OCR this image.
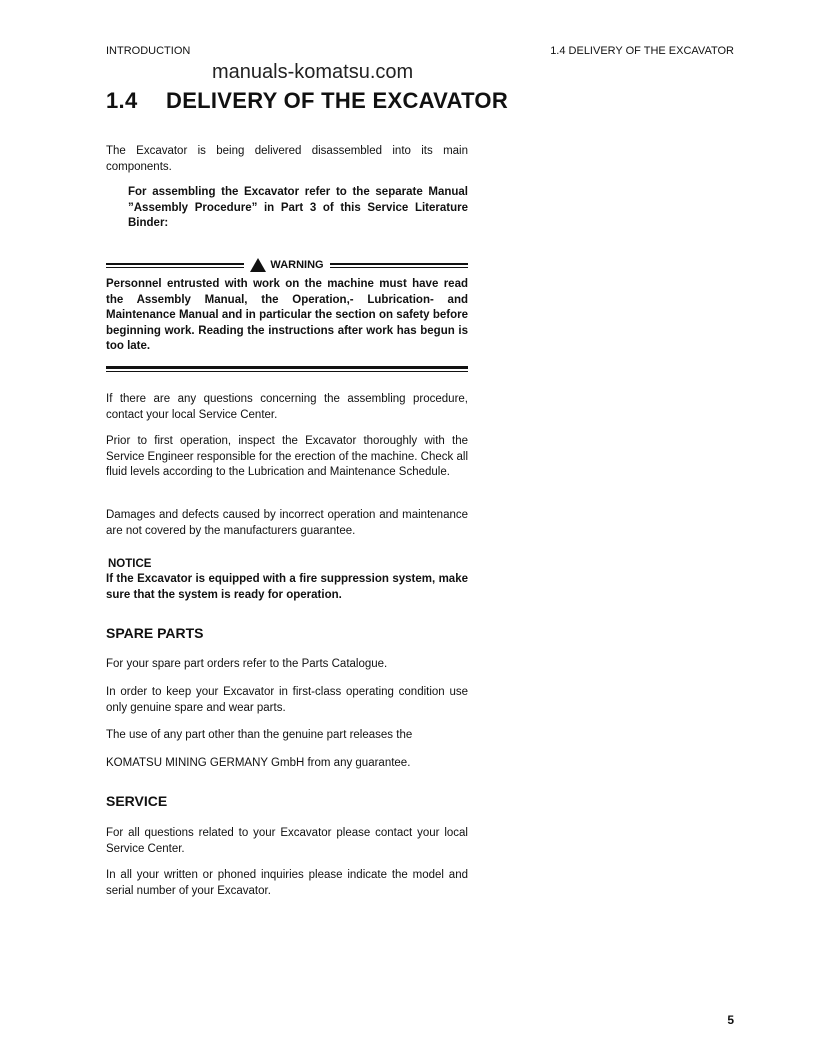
INTRODUCTION	1.4 DELIVERY OF THE EXCAVATOR
manuals-komatsu.com
1.4 DELIVERY OF THE EXCAVATOR
The Excavator is being delivered disassembled into its main components.
For assembling the Excavator refer to the separate Manual ”Assembly Procedure” in Part 3 of this Service Literature Binder:
WARNING
Personnel entrusted with work on the machine must have read the Assembly Manual, the Operation,- Lubrication- and Maintenance Manual and in particular the section on safety before beginning work. Reading the instructions after work has begun is too late.
If there are any questions concerning the assembling procedure, contact your local Service Center.
Prior to first operation, inspect the Excavator thoroughly with the Service Engineer responsible for the erection of the machine. Check all fluid levels according to the Lubrication and Maintenance Schedule.
Damages and defects caused by incorrect operation and maintenance are not covered by the manufacturers guarantee.
NOTICE
If the Excavator is equipped with a fire suppression system, make sure that the system is ready for operation.
SPARE PARTS
For your spare part orders refer to the Parts Catalogue.
In order to keep your Excavator in first-class operating condition use only genuine spare and wear parts.
The use of any part other than the genuine part releases the
KOMATSU MINING GERMANY GmbH from any guarantee.
SERVICE
For all questions related to your Excavator please contact your local Service Center.
In all your written or phoned inquiries please indicate the model and serial number of your Excavator.
5
